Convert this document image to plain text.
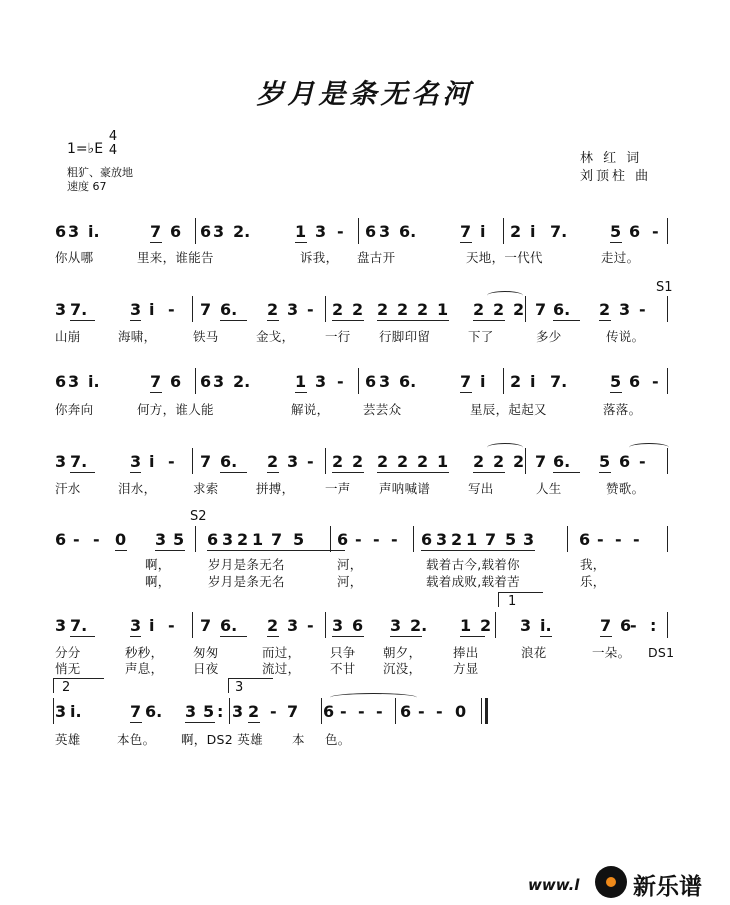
岁月是条无名河
1=♭E
4
4
粗犷、豪放地
速度 67
林 红 词
刘顶柱 曲
6 3 i.	7 6 6 3 2.	1 3 - 6 3 6.	7 i 2 i 7.	5 6 -
你从哪	里来，谁能告	诉我， 盘古开	天地，一代代	走过。
S1
3 7.	3 i - 7 6. 2 3 - 2 2 2 2 2 1 2 2 2 7 6. 2 3 -
山崩	海啸，	铁马	金戈， 一行 行脚印留	下了	多少	传说。
6 3 i.	7 6 6 3 2.	1 3 - 6 3 6.	7 i 2 i 7.	5 6 -
你奔向	何方，谁人能	解说，	芸芸众	星辰，起起又	落落。
3 7.	3 i - 7 6. 2 3 - 2 2 2 2 2 1 2 2 2 7 6. 5 6 -
汗水	泪水，	求索	拼搏， 一声 声呐喊谱	写出	人生	赞歌。
S2
6 - - 0 3 5 6 3 2 1 7 5 6 - - - 6 3 2 1 7 5 3	6 - - -
啊，	岁月是条无名	河，	载着古今,载着你	我，
啊，	岁月是条无名	河，	载着成败,载着苦	乐，
1
3 7.	3 i - 7 6. 2 3 - 3 6 3 2. 1 2 3 i.	7 6
- :
分分	秒秒， 匆匆	而过， 只争 朝夕，	捧出	浪花	一朵。 DS1
悄无	声息， 日夜	流过， 不甘 沉没，	方显
2	3
3 i.	7 6. 3 5 : 3 2 - 7 6 - - - 6 - - 0
英雄	本色。 啊，DS2 英雄 本 色。
www.l 新乐谱
